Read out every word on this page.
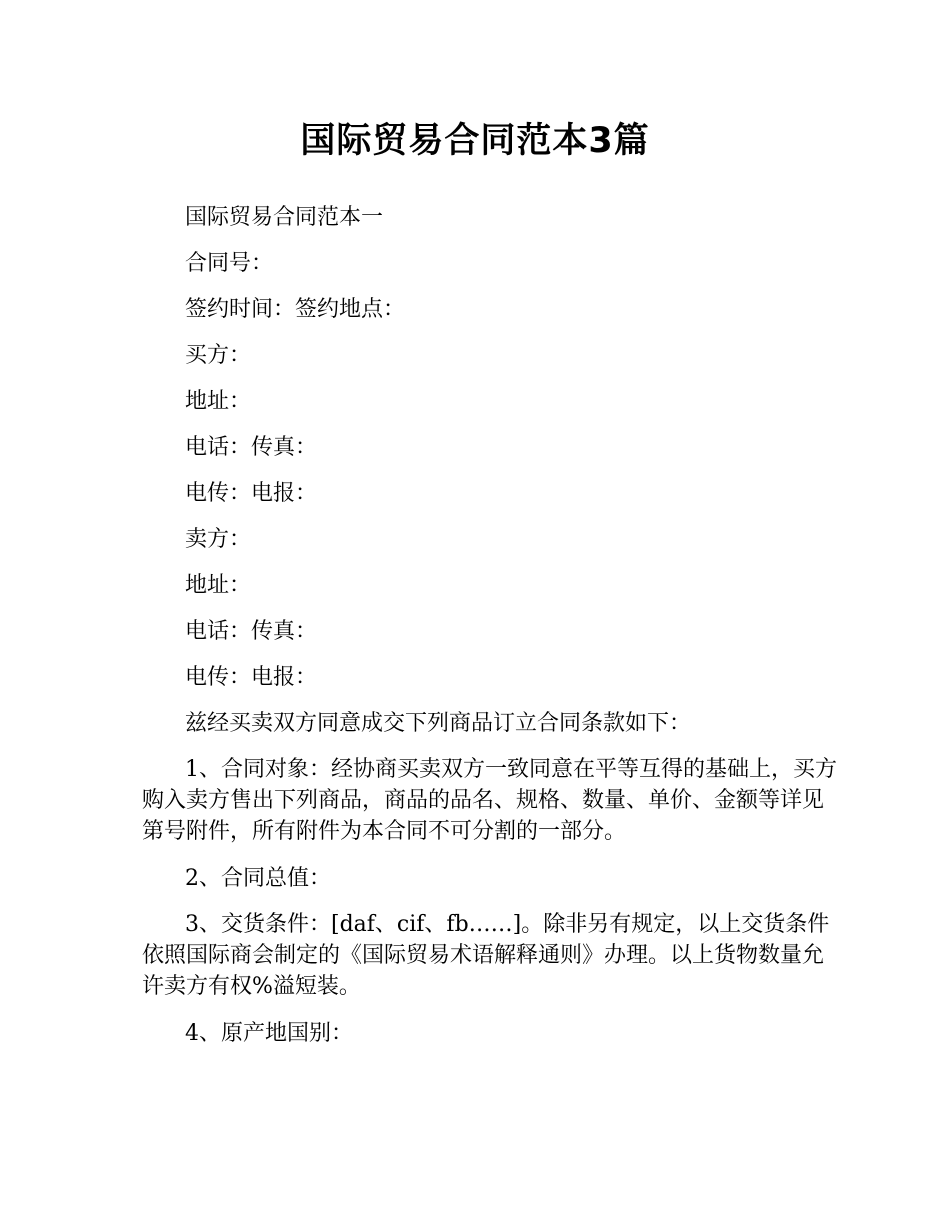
国际贸易合同范本3篇

国际贸易合同范本一

合同号：

签约时间：签约地点：

买方：

地址：

电话：传真：

电传：电报：

卖方：

地址：

电话：传真：

电传：电报：

兹经买卖双方同意成交下列商品订立合同条款如下：

1、合同对象：经协商买卖双方一致同意在平等互得的基础上，买方购入卖方售出下列商品，商品的品名、规格、数量、单价、金额等详见第号附件，所有附件为本合同不可分割的一部分。

2、合同总值：

3、交货条件：[daf、cif、fb……]。除非另有规定，以上交货条件依照国际商会制定的《国际贸易术语解释通则》办理。以上货物数量允许卖方有权%溢短装。

4、原产地国别：
